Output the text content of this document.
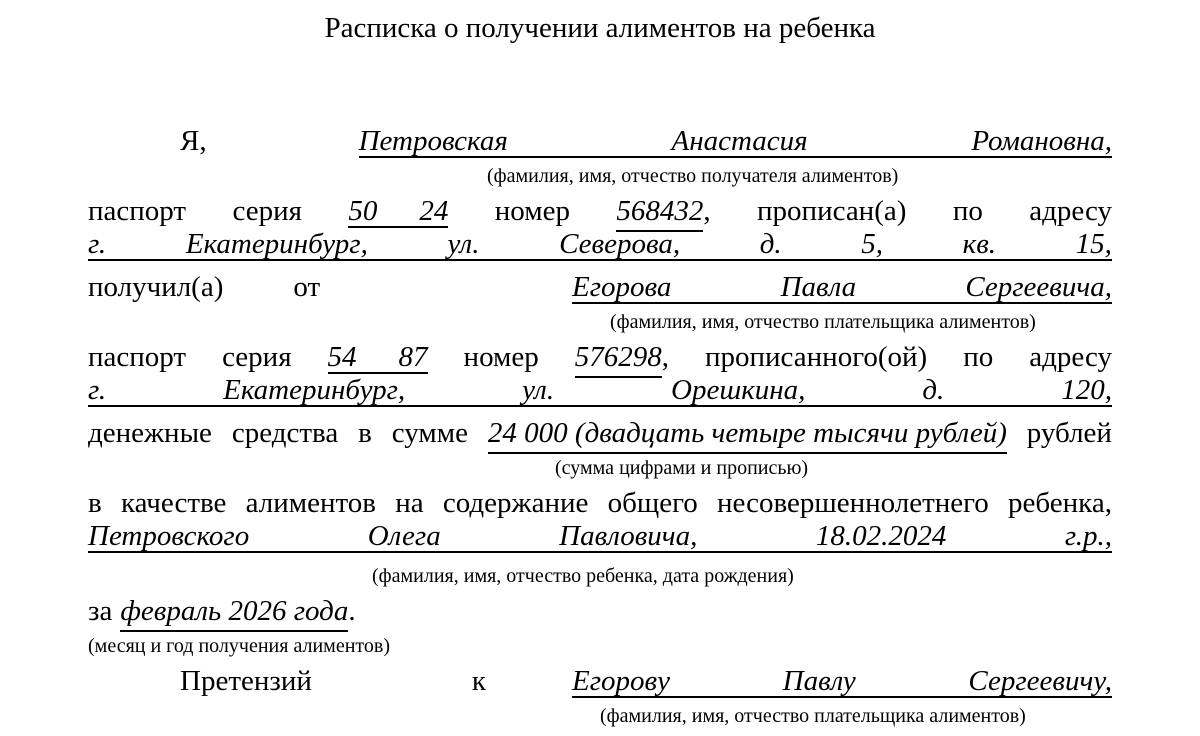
Расписка о получении алиментов на ребенка
Я,	Петровская	Анастасия	Романовна,
(фамилия, имя, отчество получателя алиментов)
паспорт серия 50 24 номер 568432 , прописан(а) по адресу
г.	Екатеринбург,	ул.	Северова,	д.	5,	кв.	15,
получил(а) от	Егорова	Павла	Сергеевича,
(фамилия, имя, отчество плательщика алиментов)
паспорт серия 54 87 номер 576298 , прописанного(ой) по адресу
г.	Екатеринбург,	ул.	Орешкина,	д.	120,
денежные средства в сумме 24 000 (двадцать четыре тысячи рублей) рублей
(сумма цифрами и прописью)
в качестве алиментов на содержание общего несовершеннолетнего ребенка,
Петровского	Олега	Павловича,	18.02.2024	г.р.,
(фамилия, имя, отчество ребенка, дата рождения)
за февраль 2026 года .
(месяц и год получения алиментов)
Претензий	к	Егорову	Павлу	Сергеевичу,
(фамилия, имя, отчество плательщика алиментов)
